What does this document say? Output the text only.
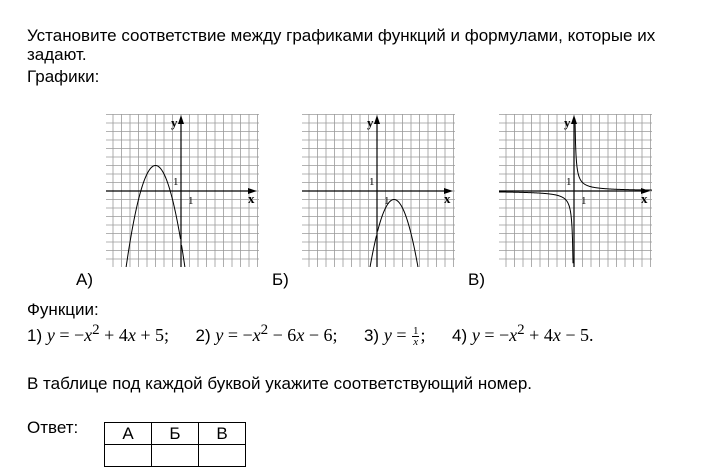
Установите соответствие между графиками функций и формулами, которые их задают.
Графики:
y
x
1
1
А)
y
x
1
1
Б)
y
x
1
1
В)
Функции:
1) $y = -x^2 + 4x + 5$; 2) $y = -x^2 - 6x - 6$; 3) $y = \frac{1}{x}$ ; 4) $y = -x^2 + 4x - 5$.
В таблице под каждой буквой укажите соответствующий номер.
Ответ:	А	Б	В
